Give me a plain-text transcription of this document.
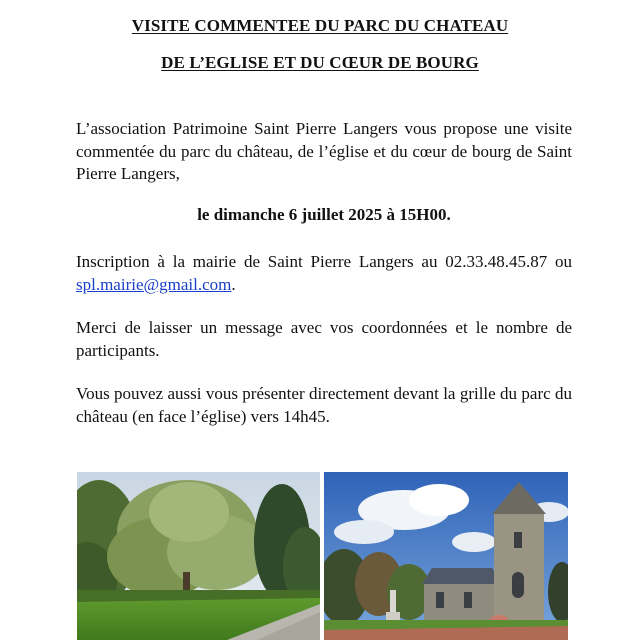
VISITE COMMENTEE DU PARC DU CHATEAU
DE L’EGLISE ET DU CŒUR DE BOURG

L’association Patrimoine Saint Pierre Langers vous propose une visite commentée du parc du château, de l’église et du cœur de bourg de Saint Pierre Langers,

le dimanche 6 juillet 2025 à 15H00.

Inscription à la mairie de Saint Pierre Langers au 02.33.48.45.87 ou spl.mairie@gmail.com.

Merci de laisser un message avec vos coordonnées et le nombre de participants.

Vous pouvez aussi vous présenter directement devant la grille du parc du château (en face l’église) vers 14h45.
